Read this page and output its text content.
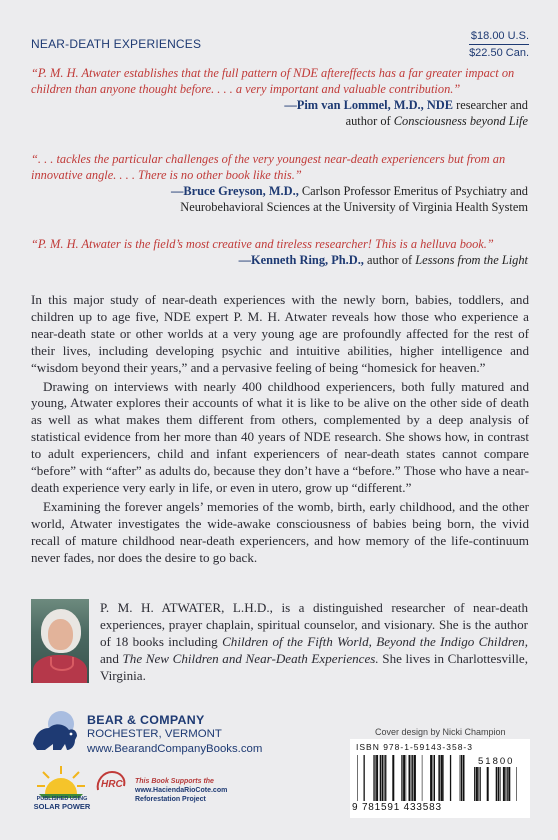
NEAR-DEATH EXPERIENCES
$18.00 U.S.
$22.50 Can.
“P. M. H. Atwater establishes that the full pattern of NDE aftereffects has a far greater impact on children than anyone thought before. . . . a very important and valuable contribution.”
—Pim van Lommel, M.D., NDE researcher and
author of Consciousness beyond Life
“. . . tackles the particular challenges of the very youngest near-death experiencers but from an innovative angle. . . . There is no other book like this.”
—Bruce Greyson, M.D., Carlson Professor Emeritus of Psychiatry and
Neurobehavioral Sciences at the University of Virginia Health System
“P. M. H. Atwater is the field’s most creative and tireless researcher! This is a helluva book.”
—Kenneth Ring, Ph.D., author of Lessons from the Light

In this major study of near-death experiences with the newly born, babies, toddlers, and children up to age five, NDE expert P. M. H. Atwater reveals how those who experience a near-death state or other worlds at a very young age are profoundly affected for the rest of their lives, including developing psychic and intuitive abilities, higher intelligence and “wisdom beyond their years,” and a pervasive feeling of being “homesick for heaven.”

Drawing on interviews with nearly 400 childhood experiencers, both fully matured and young, Atwater explores their accounts of what it is like to be alive on the other side of death as well as what makes them different from others, complemented by a deep analysis of statistical evidence from her more than 40 years of NDE research. She shows how, in contrast to adult experiencers, child and infant experiencers of near-death states cannot compare “before” with “after” as adults do, because they don’t have a “before.” Those who have a near-death experience very early in life, or even in utero, grow up “different.”

Examining the forever angels’ memories of the womb, birth, early childhood, and the other world, Atwater investigates the wide-awake consciousness of babies being born, the vivid recall of mature childhood near-death experiencers, and how memory of the life-continuum never fades, nor does the desire to go back.

P. M. H. ATWATER, L.H.D., is a distinguished researcher of near-death experiences, prayer chaplain, spiritual counselor, and visionary. She is the author of 18 books including Children of the Fifth World, Beyond the Indigo Children, and The New Children and Near-Death Experiences. She lives in Charlottesville, Virginia.
BEAR & COMPANY
ROCHESTER, VERMONT
www.BearandCompanyBooks.com
Cover design by Nicki Champion
ISBN 978-1-59143-358-3
51800
9 781591 433583
PUBLISHED USING
SOLAR POWER
HRC This Book Supports the
www.HaciendaRioCote.com
Reforestation Project
